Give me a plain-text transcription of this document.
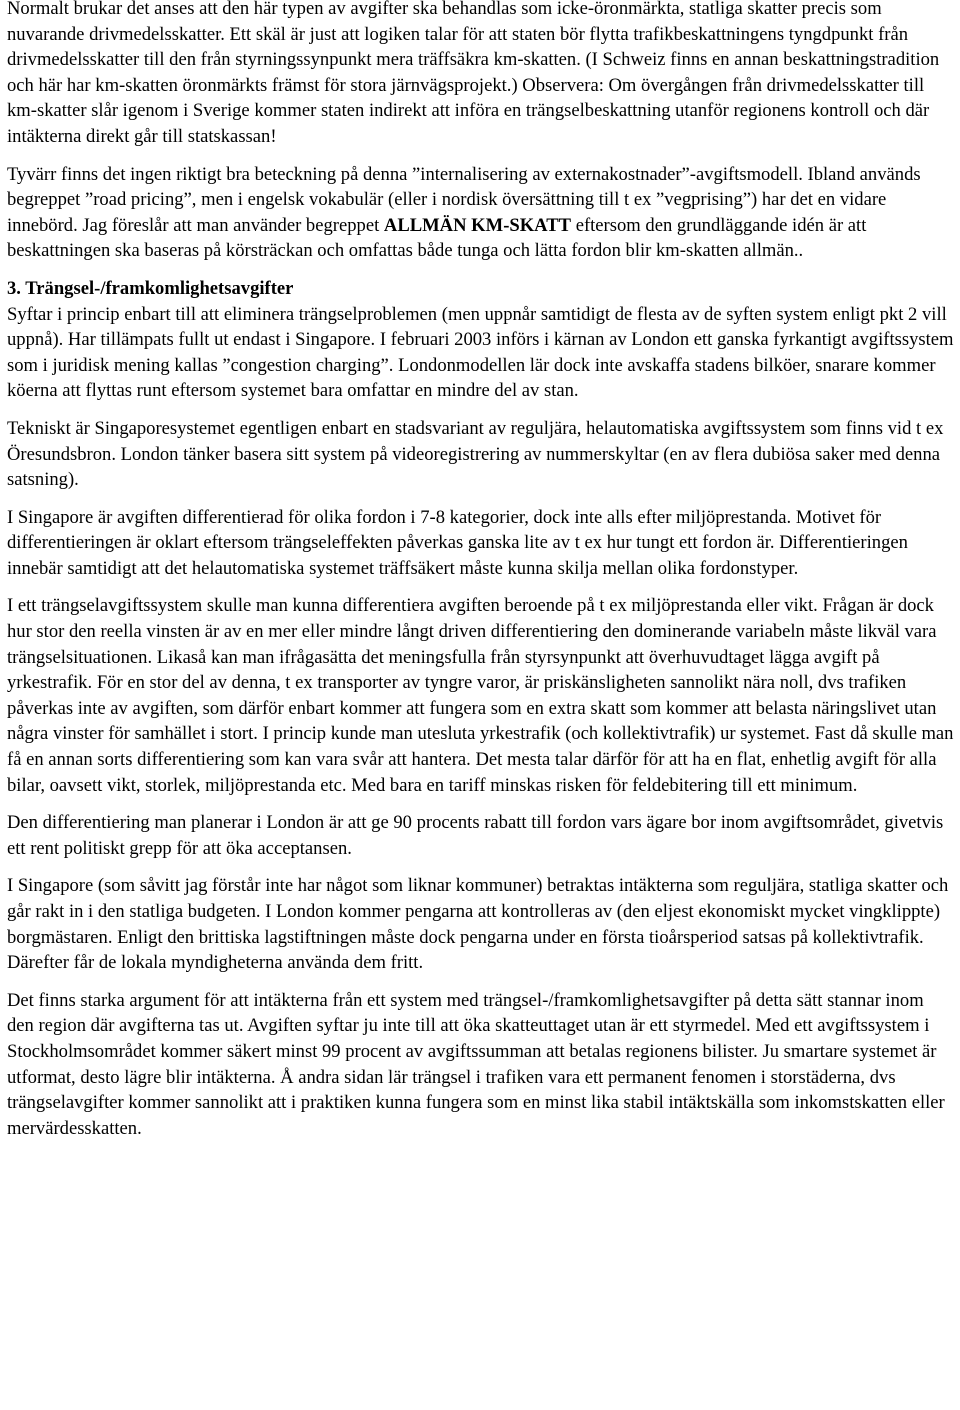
Normalt brukar det anses att den här typen av avgifter ska behandlas som icke-öronmärkta, statliga skatter precis som nuvarande drivmedelsskatter. Ett skäl är just att logiken talar för att staten bör flytta trafikbeskattningens tyngdpunkt från drivmedelsskatter till den från styrningssynpunkt mera träffsäkra km-skatten. (I Schweiz finns en annan beskattningstradition och här har km-skatten öronmärkts främst för stora järnvägsprojekt.) Observera: Om övergången från drivmedelsskatter till km-skatter slår igenom i Sverige kommer staten indirekt att införa en trängselbeskattning utanför regionens kontroll och där intäkterna direkt går till statskassan!

Tyvärr finns det ingen riktigt bra beteckning på denna ”internalisering av externakostnader”-avgiftsmodell. Ibland används begreppet ”road pricing”, men i engelsk vokabulär (eller i nordisk översättning till t ex ”vegprising”) har det en vidare innebörd. Jag föreslår att man använder begreppet ALLMÄN KM-SKATT eftersom den grundläggande idén är att beskattningen ska baseras på körsträckan och omfattas både tunga och lätta fordon blir km-skatten allmän..

3. Trängsel-/framkomlighetsavgifter

Syftar i princip enbart till att eliminera trängselproblemen (men uppnår samtidigt de flesta av de syften system enligt pkt 2 vill uppnå). Har tillämpats fullt ut endast i Singapore. I februari 2003 införs i kärnan av London ett ganska fyrkantigt avgiftssystem som i juridisk mening kallas ”congestion charging”. Londonmodellen lär dock inte avskaffa stadens bilköer, snarare kommer köerna att flyttas runt eftersom systemet bara omfattar en mindre del av stan.

Tekniskt är Singaporesystemet egentligen enbart en stadsvariant av reguljära, helautomatiska avgiftssystem som finns vid t ex Öresundsbron. London tänker basera sitt system på videoregistrering av nummerskyltar (en av flera dubiösa saker med denna satsning).

I Singapore är avgiften differentierad för olika fordon i 7-8 kategorier, dock inte alls efter miljöprestanda. Motivet för differentieringen är oklart eftersom trängseleffekten påverkas ganska lite av t ex hur tungt ett fordon är. Differentieringen innebär samtidigt att det helautomatiska systemet träffsäkert måste kunna skilja mellan olika fordonstyper.

I ett trängselavgiftssystem skulle man kunna differentiera avgiften beroende på t ex miljöprestanda eller vikt. Frågan är dock hur stor den reella vinsten är av en mer eller mindre långt driven differentiering den dominerande variabeln måste likväl vara trängselsituationen. Likaså kan man ifrågasätta det meningsfulla från styrsynpunkt att överhuvudtaget lägga avgift på yrkestrafik. För en stor del av denna, t ex transporter av tyngre varor, är priskänsligheten sannolikt nära noll, dvs trafiken påverkas inte av avgiften, som därför enbart kommer att fungera som en extra skatt som kommer att belasta näringslivet utan några vinster för samhället i stort. I princip kunde man utesluta yrkestrafik (och kollektivtrafik) ur systemet. Fast då skulle man få en annan sorts differentiering som kan vara svår att hantera. Det mesta talar därför för att ha en flat, enhetlig avgift för alla bilar, oavsett vikt, storlek, miljöprestanda etc. Med bara en tariff minskas risken för feldebitering till ett minimum.

Den differentiering man planerar i London är att ge 90 procents rabatt till fordon vars ägare bor inom avgiftsområdet, givetvis ett rent politiskt grepp för att öka acceptansen.

I Singapore (som såvitt jag förstår inte har något som liknar kommuner) betraktas intäkterna som reguljära, statliga skatter och går rakt in i den statliga budgeten. I London kommer pengarna att kontrolleras av (den eljest ekonomiskt mycket vingklippte) borgmästaren. Enligt den brittiska lagstiftningen måste dock pengarna under en första tioårsperiod satsas på kollektivtrafik. Därefter får de lokala myndigheterna använda dem fritt.

Det finns starka argument för att intäkterna från ett system med trängsel-/framkomlighetsavgifter på detta sätt stannar inom den region där avgifterna tas ut. Avgiften syftar ju inte till att öka skatteuttaget utan är ett styrmedel. Med ett avgiftssystem i Stockholmsområdet kommer säkert minst 99 procent av avgiftssumman att betalas regionens bilister. Ju smartare systemet är utformat, desto lägre blir intäkterna. Å andra sidan lär trängsel i trafiken vara ett permanent fenomen i storstäderna, dvs trängselavgifter kommer sannolikt att i praktiken kunna fungera som en minst lika stabil intäktskälla som inkomstskatten eller mervärdesskatten.
